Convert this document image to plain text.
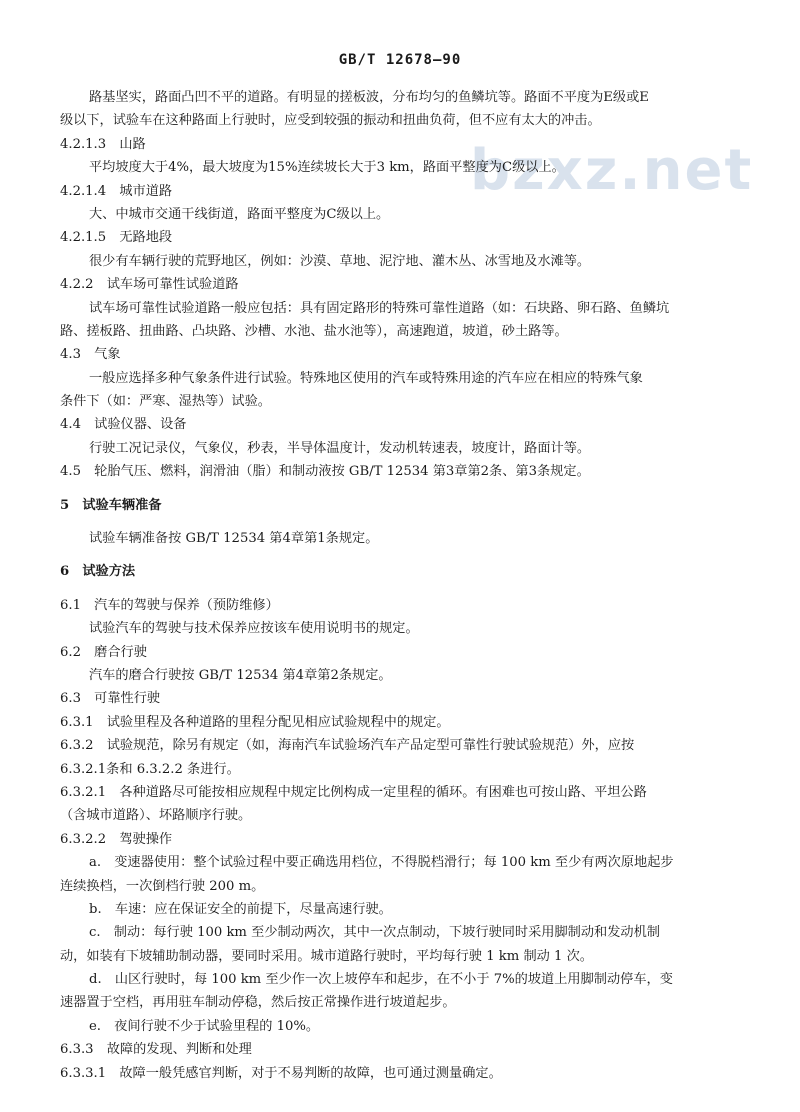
GB/T 12678—90
bzxz.net
路基坚实，路面凸凹不平的道路。有明显的搓板波，分布均匀的鱼鳞坑等。路面不平度为E级或E
级以下，试验车在这种路面上行驶时，应受到较强的振动和扭曲负荷，但不应有太大的冲击。
4.2.1.3　山路
平均坡度大于4%，最大坡度为15%连续坡长大于3 km，路面平整度为C级以上。
4.2.1.4　城市道路
大、中城市交通干线街道，路面平整度为C级以上。
4.2.1.5　无路地段
很少有车辆行驶的荒野地区，例如：沙漠、草地、泥泞地、灌木丛、冰雪地及水滩等。
4.2.2　试车场可靠性试验道路
试车场可靠性试验道路一般应包括：具有固定路形的特殊可靠性道路（如：石块路、卵石路、鱼鳞坑
路、搓板路、扭曲路、凸块路、沙槽、水池、盐水池等），高速跑道，坡道，砂土路等。
4.3　气象
一般应选择多种气象条件进行试验。特殊地区使用的汽车或特殊用途的汽车应在相应的特殊气象
条件下（如：严寒、湿热等）试验。
4.4　试验仪器、设备
行驶工况记录仪，气象仪，秒表，半导体温度计，发动机转速表，坡度计，路面计等。
4.5　轮胎气压、燃料，润滑油（脂）和制动液按 GB/T 12534 第3章第2条、第3条规定。
5　试验车辆准备
试验车辆准备按 GB/T 12534 第4章第1条规定。
6　试验方法
6.1　汽车的驾驶与保养（预防维修）
试验汽车的驾驶与技术保养应按该车使用说明书的规定。
6.2　磨合行驶
汽车的磨合行驶按 GB/T 12534 第4章第2条规定。
6.3　可靠性行驶
6.3.1　试验里程及各种道路的里程分配见相应试验规程中的规定。
6.3.2　试验规范，除另有规定（如，海南汽车试验场汽车产品定型可靠性行驶试验规范）外，应按
6.3.2.1条和 6.3.2.2 条进行。
6.3.2.1　各种道路尽可能按相应规程中规定比例构成一定里程的循环。有困难也可按山路、平坦公路
（含城市道路）、坏路顺序行驶。
6.3.2.2　驾驶操作
a.　变速器使用：整个试验过程中要正确选用档位，不得脱档滑行；每 100 km 至少有两次原地起步
连续换档，一次倒档行驶 200 m。
b.　车速：应在保证安全的前提下，尽量高速行驶。
c.　制动：每行驶 100 km 至少制动两次，其中一次点制动，下坡行驶同时采用脚制动和发动机制
动，如装有下坡辅助制动器，要同时采用。城市道路行驶时，平均每行驶 1 km 制动 1 次。
d.　山区行驶时，每 100 km 至少作一次上坡停车和起步，在不小于 7%的坡道上用脚制动停车，变
速器置于空档，再用驻车制动停稳，然后按正常操作进行坡道起步。
e.　夜间行驶不少于试验里程的 10%。
6.3.3　故障的发现、判断和处理
6.3.3.1　故障一般凭感官判断，对于不易判断的故障，也可通过测量确定。
